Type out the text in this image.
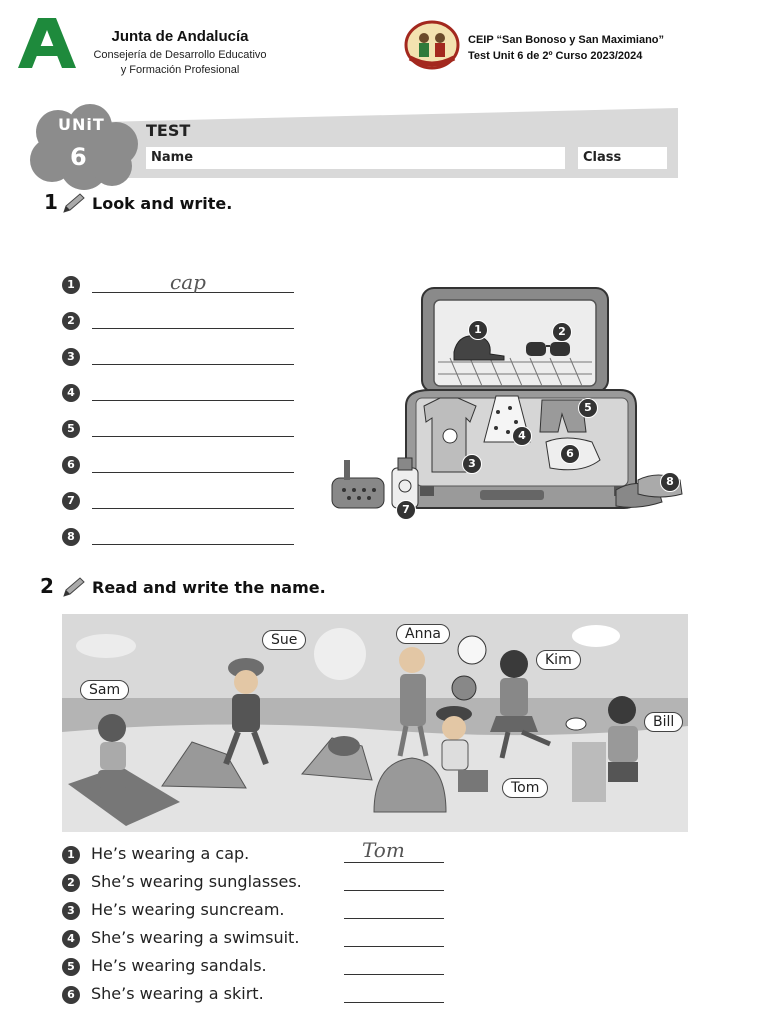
Junta de Andalucía
Consejería de Desarrollo Educativo
y Formación Profesional
CEIP “San Bonoso y San Maximiano”
Test Unit 6 de 2º Curso 2023/2024
UNiT
6
TEST
Name	Class
1 Look and write.
1	cap
2
3
4
5
6
7
8
1	2
3
4
5
6
7
8
2 Read and write the name.
Sue	Anna
Kim
Sam
Bill
Tom
1	He’s wearing a cap.	Tom
2	She’s wearing sunglasses.
3	He’s wearing suncream.
4	She’s wearing a swimsuit.
5	He’s wearing sandals.
6	She’s wearing a skirt.
